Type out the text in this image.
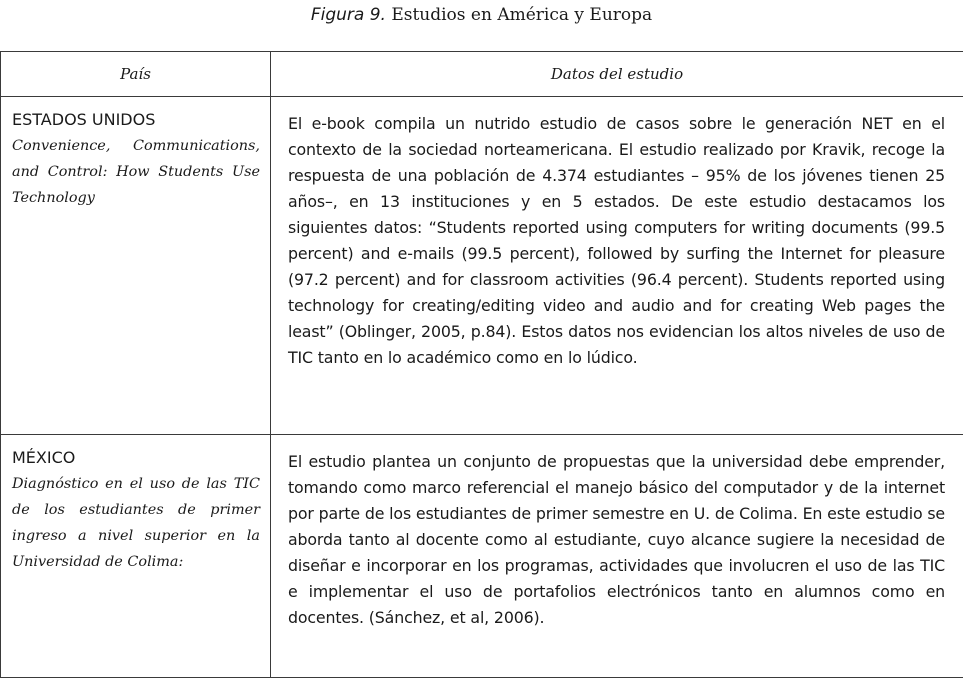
Figura 9. Estudios en América y Europa
País	Datos del estudio

ESTADOS UNIDOS
Convenience, Communications, and Control: How Students Use Technology	El e-book compila un nutrido estudio de casos sobre le generación NET en el contexto de la sociedad norteamericana. El estudio realizado por Kravik, recoge la respuesta de una población de 4.374 estudiantes – 95% de los jóvenes tienen 25 años–, en 13 instituciones y en 5 estados. De este estudio destacamos los siguientes datos: “Students reported using computers for writing documents (99.5 percent) and e-mails (99.5 percent), followed by surfing the Internet for pleasure (97.2 percent) and for classroom activities (96.4 percent). Students reported using technology for creating/editing video and audio and for creating Web pages the least” (Oblinger, 2005, p.84). Estos datos nos evidencian los altos niveles de uso de TIC tanto en lo académico como en lo lúdico.

MÉXICO
Diagnóstico en el uso de las TIC de los estudiantes de primer ingreso a nivel superior en la Universidad de Colima:	El estudio plantea un conjunto de propuestas que la universidad debe emprender, tomando como marco referencial el manejo básico del computador y de la internet por parte de los estudiantes de primer semestre en U. de Colima. En este estudio se aborda tanto al docente como al estudiante, cuyo alcance sugiere la necesidad de diseñar e incorporar en los programas, actividades que involucren el uso de las TIC e implementar el uso de portafolios electrónicos tanto en alumnos como en docentes. (Sánchez, et al, 2006).
